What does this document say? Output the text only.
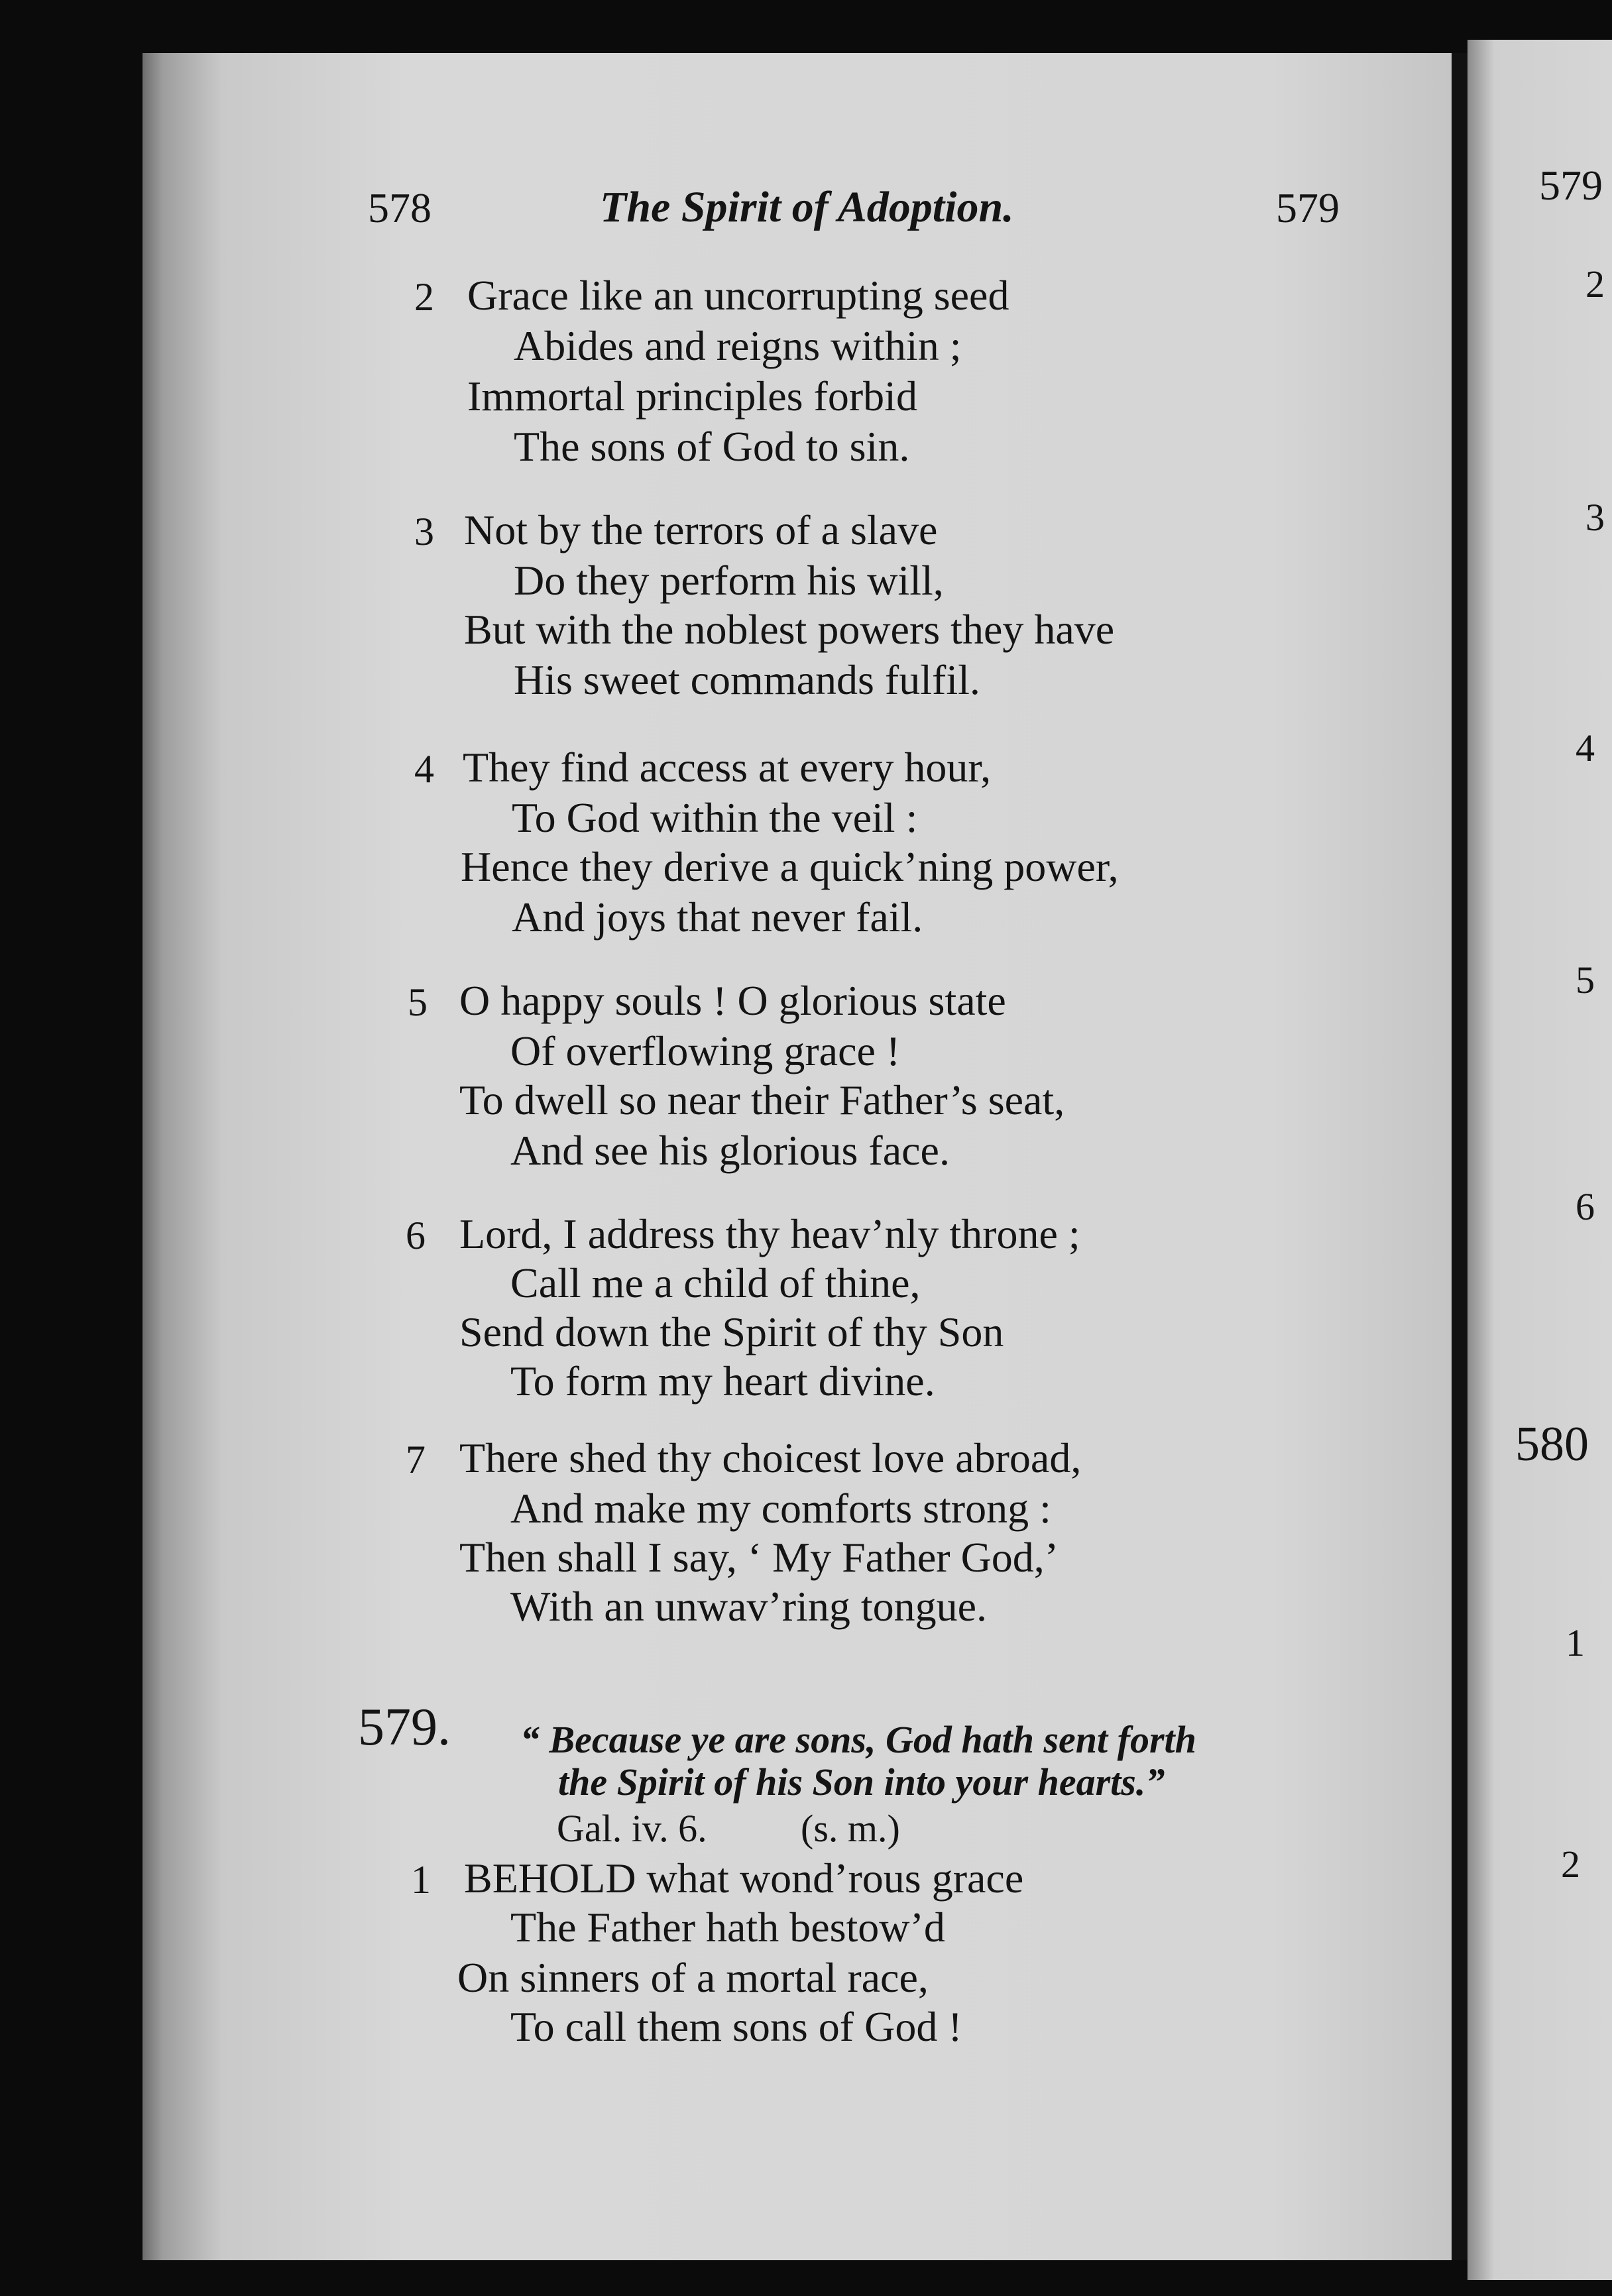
578	The Spirit of Adoption.	579	579
2 Grace like an uncorrupting seed
Abides and reigns within ;
Immortal principles forbid
The sons of God to sin.
3 Not by the terrors of a slave
Do they perform his will,
But with the noblest powers they have
His sweet commands fulfil.
4 They find access at every hour,
To God within the veil :
Hence they derive a quick’ning power,
And joys that never fail.
5 O happy souls ! O glorious state
Of overflowing grace !
To dwell so near their Father’s seat,
And see his glorious face.
6 Lord, I address thy heav’nly throne ;
Call me a child of thine,
Send down the Spirit of thy Son
To form my heart divine.
7 There shed thy choicest love abroad,
And make my comforts strong :
Then shall I say, ‘ My Father God,’
With an unwav’ring tongue.
579. “ Because ye are sons, God hath sent forth
the Spirit of his Son into your hearts.”
Gal. iv. 6. (s. m.)
1 BEHOLD what wond’rous grace
The Father hath bestow’d
On sinners of a mortal race,
To call them sons of God !
2
3
4
5
6
580
1
2
